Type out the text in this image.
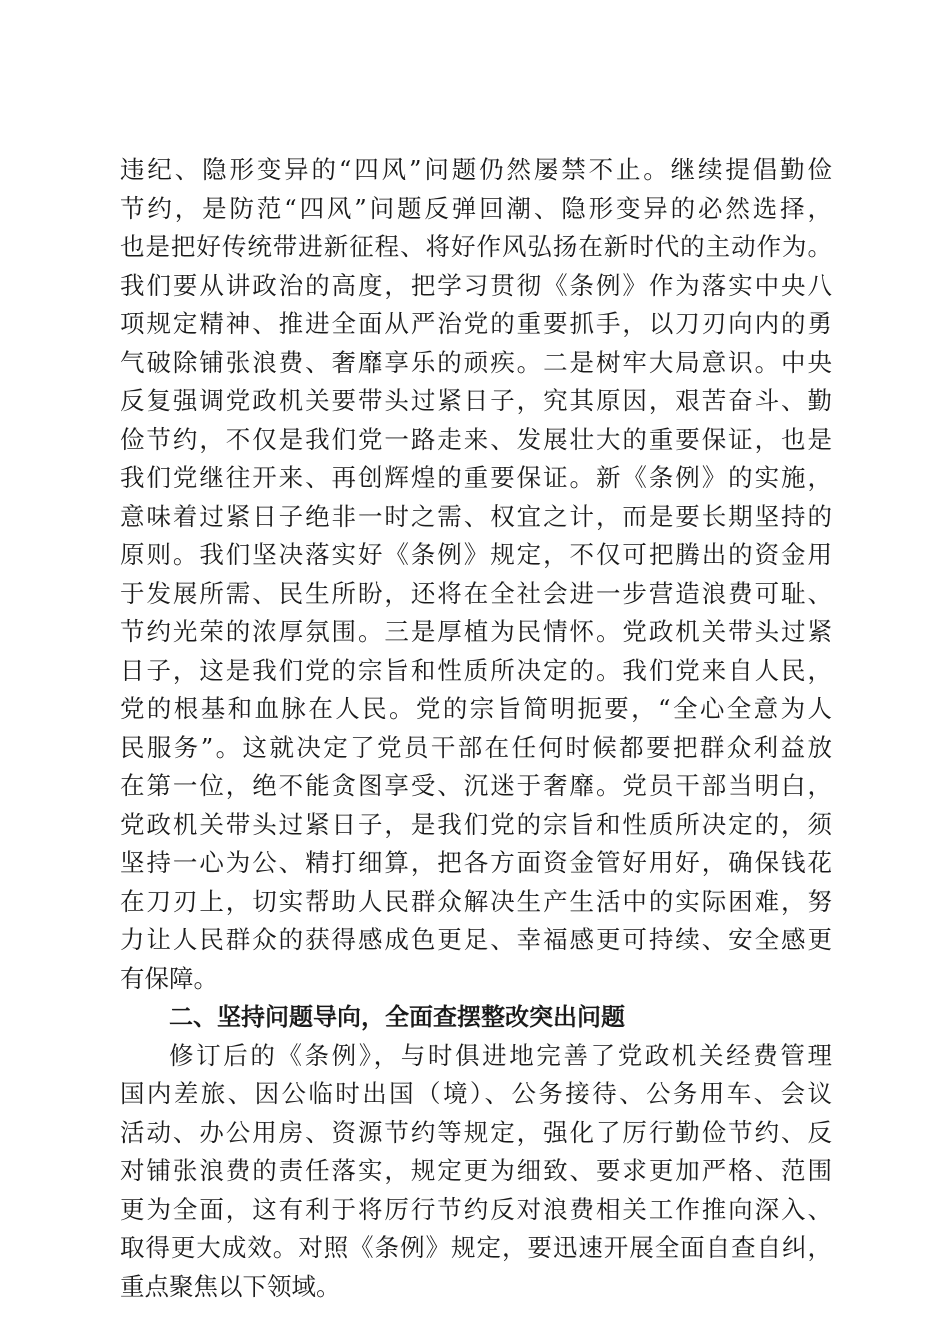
违纪、隐形变异的“四风”问题仍然屡禁不止。继续提倡勤俭
节约，是防范“四风”问题反弹回潮、隐形变异的必然选择，
也是把好传统带进新征程、将好作风弘扬在新时代的主动作为。
我们要从讲政治的高度，把学习贯彻《条例》作为落实中央八
项规定精神、推进全面从严治党的重要抓手，以刀刃向内的勇
气破除铺张浪费、奢靡享乐的顽疾。二是树牢大局意识。中央
反复强调党政机关要带头过紧日子，究其原因，艰苦奋斗、勤
俭节约，不仅是我们党一路走来、发展壮大的重要保证，也是
我们党继往开来、再创辉煌的重要保证。新《条例》的实施，
意味着过紧日子绝非一时之需、权宜之计，而是要长期坚持的
原则。我们坚决落实好《条例》规定，不仅可把腾出的资金用
于发展所需、民生所盼，还将在全社会进一步营造浪费可耻、
节约光荣的浓厚氛围。三是厚植为民情怀。党政机关带头过紧
日子，这是我们党的宗旨和性质所决定的。我们党来自人民，
党的根基和血脉在人民。党的宗旨简明扼要，“全心全意为人
民服务”。这就决定了党员干部在任何时候都要把群众利益放
在第一位，绝不能贪图享受、沉迷于奢靡。党员干部当明白，
党政机关带头过紧日子，是我们党的宗旨和性质所决定的，须
坚持一心为公、精打细算，把各方面资金管好用好，确保钱花
在刀刃上，切实帮助人民群众解决生产生活中的实际困难，努
力让人民群众的获得感成色更足、幸福感更可持续、安全感更
有保障。
二、坚持问题导向，全面查摆整改突出问题
修订后的《条例》，与时俱进地完善了党政机关经费管理
国内差旅、因公临时出国（境）、公务接待、公务用车、会议
活动、办公用房、资源节约等规定，强化了厉行勤俭节约、反
对铺张浪费的责任落实，规定更为细致、要求更加严格、范围
更为全面，这有利于将厉行节约反对浪费相关工作推向深入、
取得更大成效。对照《条例》规定，要迅速开展全面自查自纠，
重点聚焦以下领域。
